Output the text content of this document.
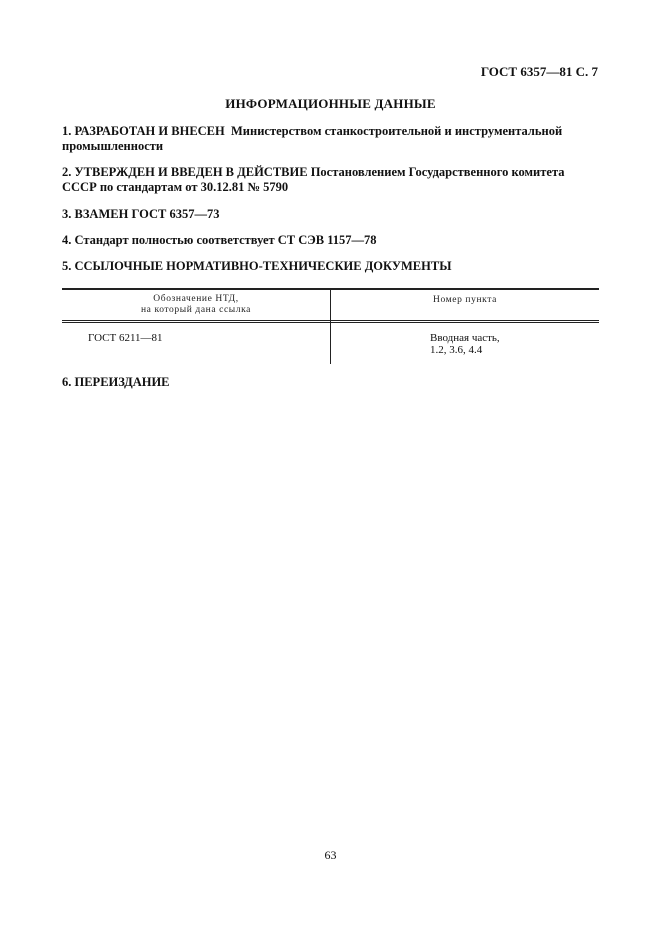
ГОСТ 6357—81 С. 7
ИНФОРМАЦИОННЫЕ ДАННЫЕ
1. РАЗРАБОТАН И ВНЕСЕН Министерством станкостроительной и инструментальной промышленности
2. УТВЕРЖДЕН И ВВЕДЕН В ДЕЙСТВИЕ Постановлением Государственного комитета СССР по стандартам от 30.12.81 № 5790
3. ВЗАМЕН ГОСТ 6357—73
4. Стандарт полностью соответствует СТ СЭВ 1157—78
5. ССЫЛОЧНЫЕ НОРМАТИВНО-ТЕХНИЧЕСКИЕ ДОКУМЕНТЫ
Обозначение НТД,
на который дана ссылка
Номер пункта
ГОСТ 6211—81	Вводная часть,
1.2, 3.6, 4.4
6. ПЕРЕИЗДАНИЕ
63
